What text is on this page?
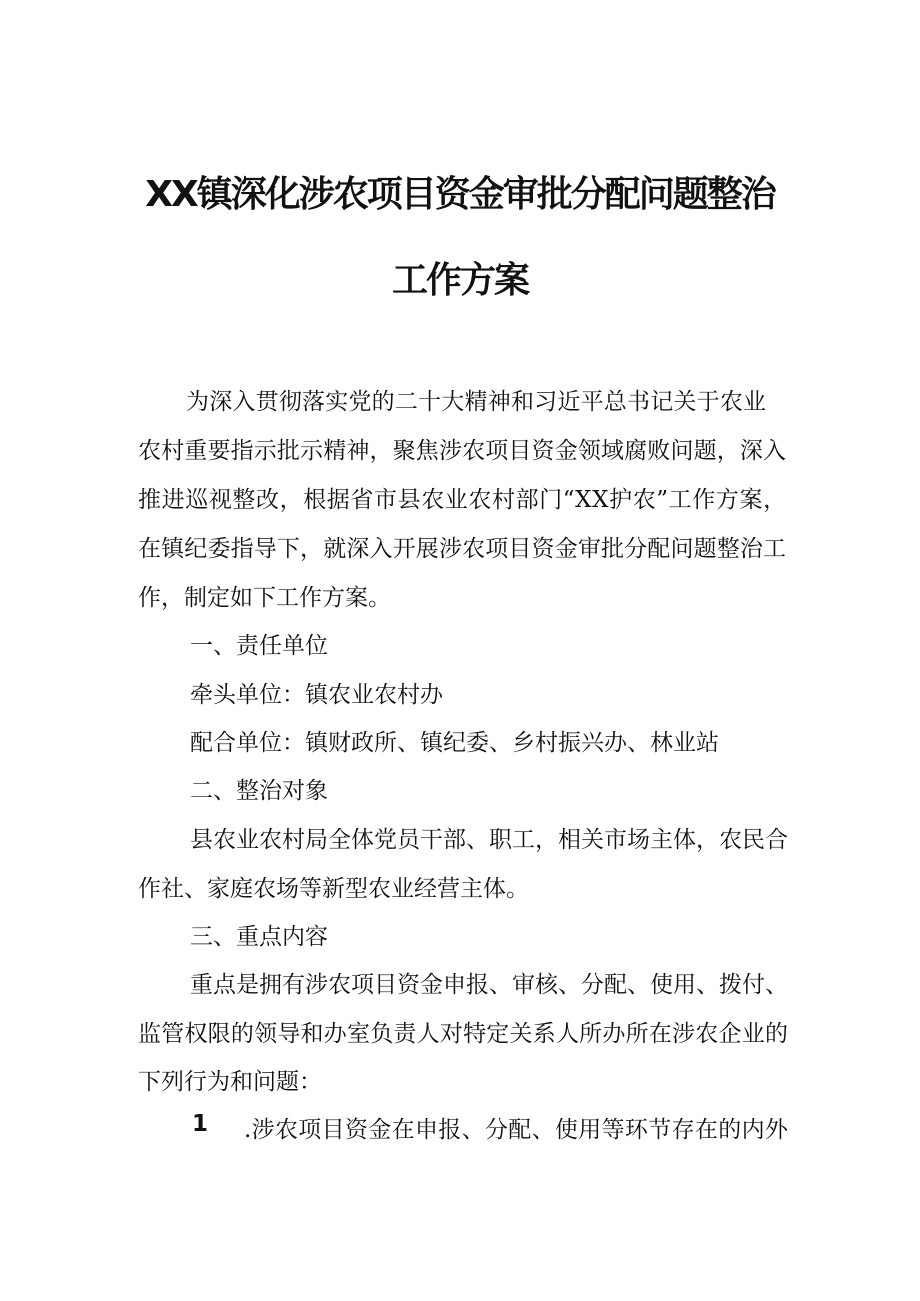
XX镇深化涉农项目资金审批分配问题整治
工作方案
为深入贯彻落实党的二十大精神和习近平总书记关于农业
农村重要指示批示精神，聚焦涉农项目资金领域腐败问题，深入
推进巡视整改，根据省市县农业农村部门“XX护农”工作方案，
在镇纪委指导下，就深入开展涉农项目资金审批分配问题整治工
作，制定如下工作方案。
一、责任单位
牵头单位：镇农业农村办
配合单位：镇财政所、镇纪委、乡村振兴办、林业站
二、整治对象
县农业农村局全体党员干部、职工，相关市场主体，农民合
作社、家庭农场等新型农业经营主体。
三、重点内容
重点是拥有涉农项目资金申报、审核、分配、使用、拨付、
监管权限的领导和办室负责人对特定关系人所办所在涉农企业的
下列行为和问题：
1 .涉农项目资金在申报、分配、使用等环节存在的内外
